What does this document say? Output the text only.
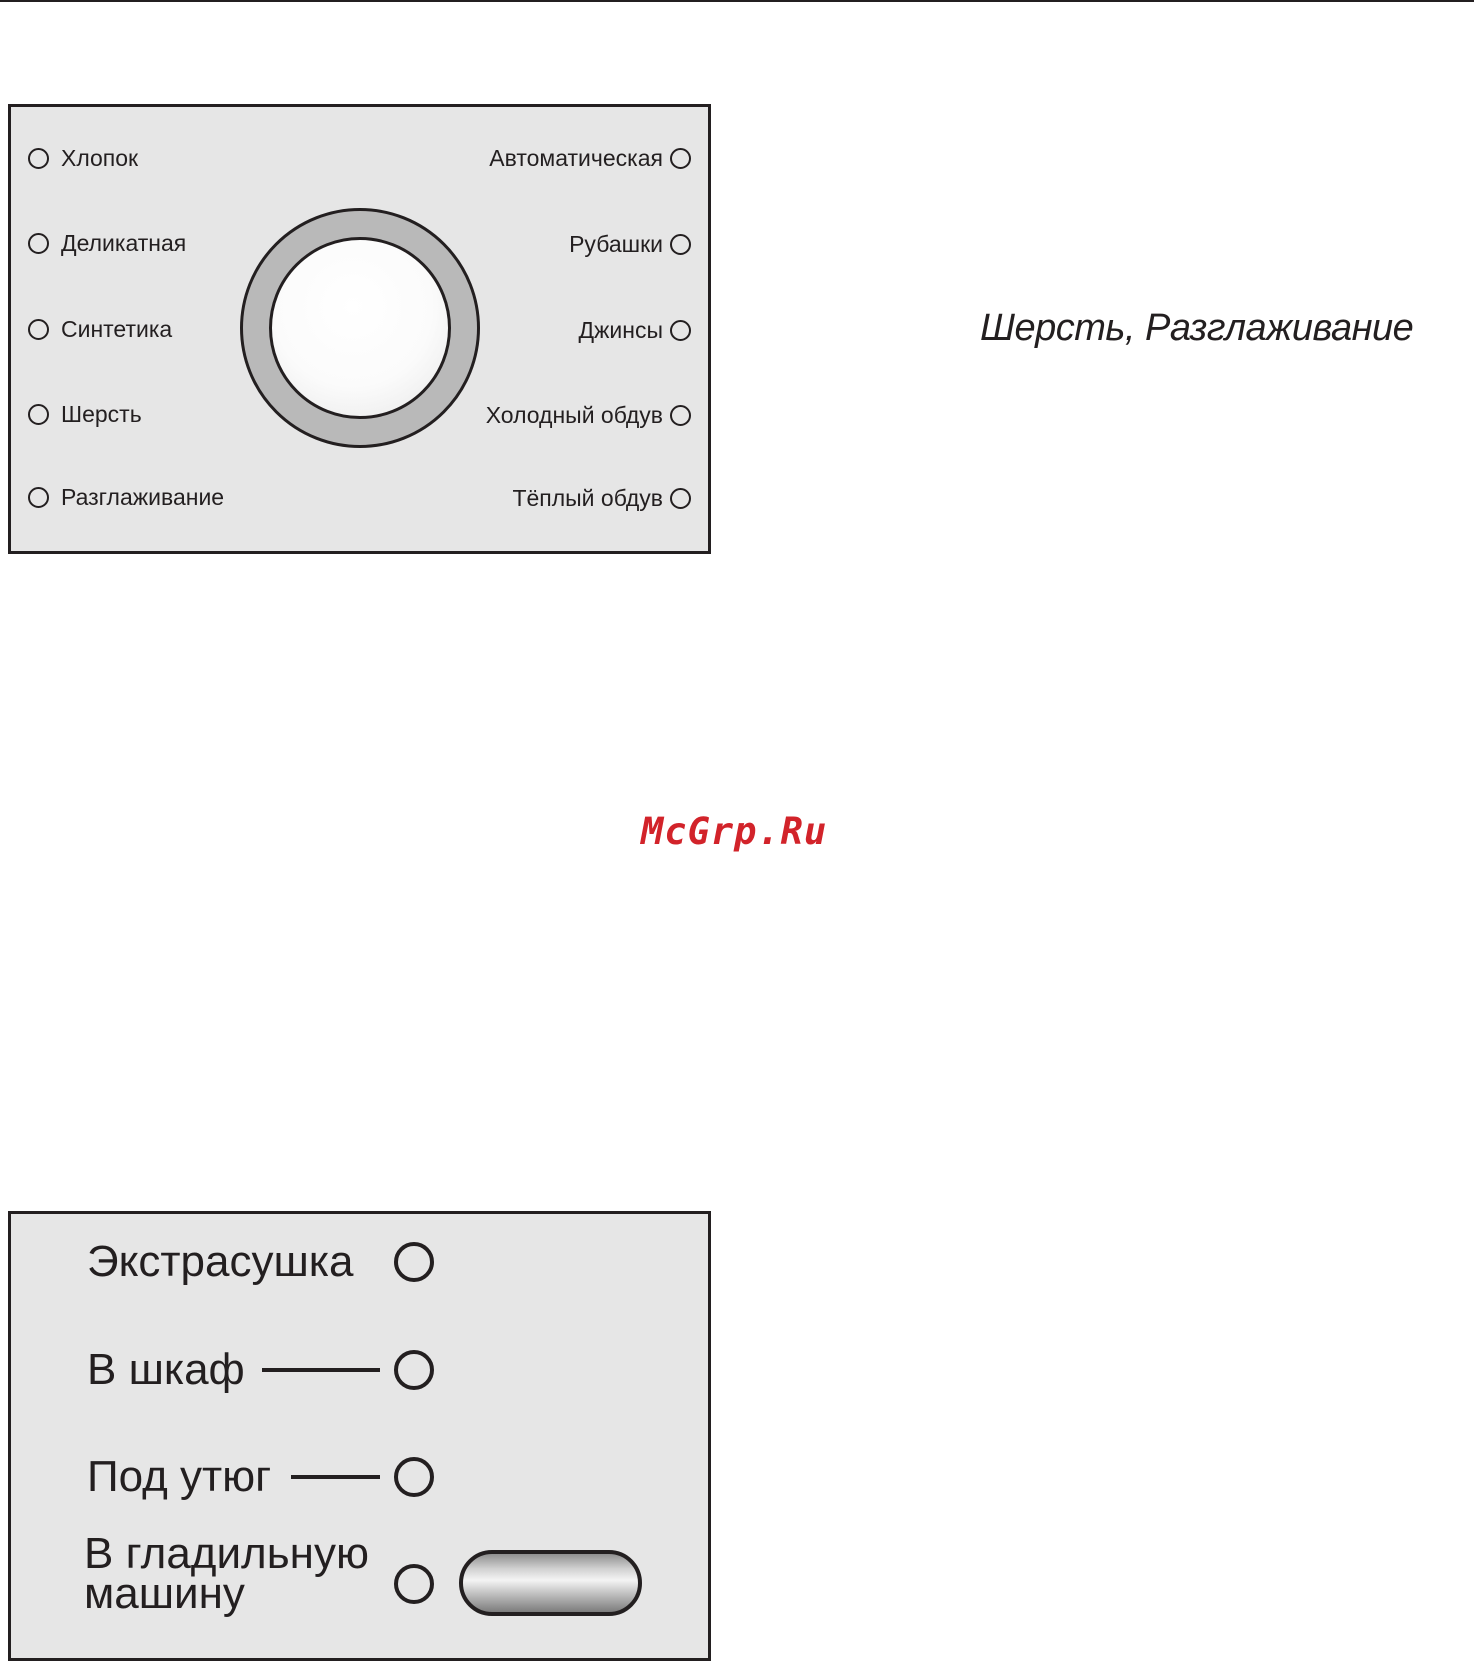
Хлопок
Деликатная
Синтетика
Шерсть
Разглаживание
Автоматическая
Рубашки
Джинсы
Холодный обдув
Тёплый обдув
Шерсть, Разглаживание
McGrp.Ru
Экстрасушка
В шкаф
Под утюг
В гладильную
машину
